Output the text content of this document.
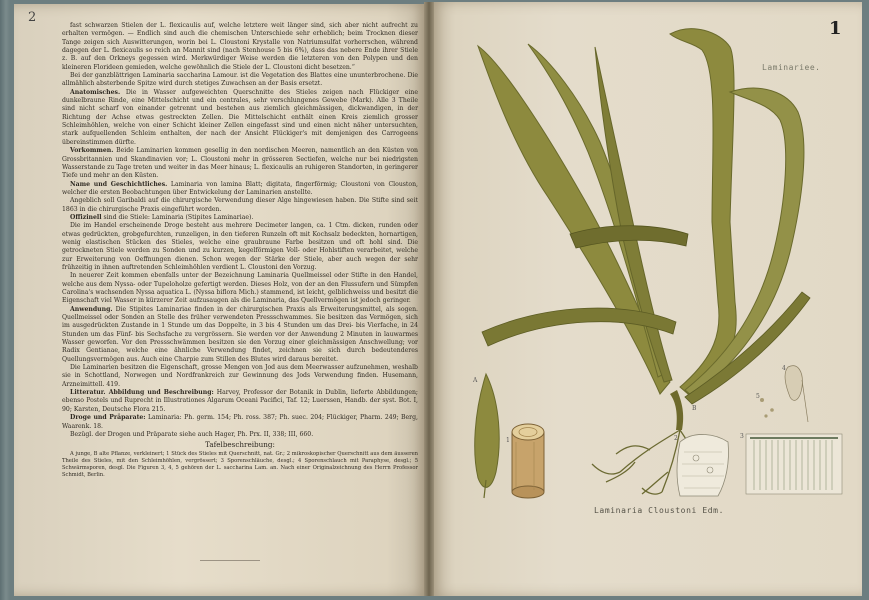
2
1

fast schwarzen Stielen der L. flexicaulis auf, welche letztere weit länger sind, sich aber nicht aufrecht zu erhalten vermögen. — Endlich sind auch die chemischen Unterschiede sehr erheblich; beim Trocknen dieser Tange zeigen sich Auswitterungen, worin bei L. Cloustoni Krystalle von Natriumsulfat vorherrschen, während dagegen der L. flexicaulis so reich an Mannit sind (nach Stenhouse 5 bis 6%), dass das nebere Ende ihrer Stiele z. B. auf den Orkneys gegessen wird. Merkwürdiger Weise werden die letzteren von den Polypen und den kleineren Florideen gemieden, welche gewöhnlich die Stiele der L. Cloustoni dicht besetzen.“

Bei der ganzblättrigen Laminaria saccharina Lamour. ist die Vegetation des Blattes eine ununterbrochene. Die allmählich absterbende Spitze wird durch stetiges Zuwachsen an der Basis ersetzt.

Anatomisches. Die in Wasser aufgeweichten Querschnitte des Stieles zeigen nach Flückiger eine dunkelbraune Rinde, eine Mittelschicht und ein centrales, sehr verschlungenes Gewebe (Mark). Alle 3 Theile sind nicht scharf von einander getrennt und bestehen aus ziemlich gleichmässigen, dickwandigen, in der Richtung der Achse etwas gestreckten Zellen. Die Mittelschicht enthält einen Kreis ziemlich grosser Schleimhöhlen, welche von einer Schicht kleiner Zellen eingefasst sind und einen nicht näher untersuchten, stark aufquellenden Schleim enthalten, der nach der Ansicht Flückiger's mit demjenigen des Carrogeens übereinstimmen dürfte.

Vorkommen. Beide Laminarien kommen gesellig in den nordischen Meeren, namentlich an den Küsten von Grossbritannien und Skandinavien vor; L. Cloustoni mehr in grösseren Sectiefen, welche nur bei niedrigsten Wasserstande zu Tage treten und weiter in das Meer hinaus; L. flexicaulis an ruhigeren Standorten, in geringerer Tiefe und mehr an den Küsten.

Name und Geschichtliches. Laminaria von lamina Blatt; digitata, fingerförmig; Cloustoni von Clouston, welcher die ersten Beobachtungen über Entwickelung der Laminarien anstellte.

Angeblich soll Garibaldi auf die chirurgische Verwendung dieser Alge hingewiesen haben. Die Stifte sind seit 1863 in die chirurgische Praxis eingeführt worden.

Offizinell sind die Stiele: Laminaria (Stipites Laminariae).

Die im Handel erscheinende Droge besteht aus mehrere Decimeter langen, ca. 1 Ctm. dicken, runden oder etwas gedrückten, grobgefurchten, runzeligen, in den tieferen Runzeln oft mit Kochsalz bedeckten, hornartigen, wenig elastischen Stücken des Stieles, welche eine graubraune Farbe besitzen und oft hohl sind. Die getrockneten Stiele werden zu Sonden und zu kurzen, kegelförmigen Voll- oder Hohlstiften verarbeitet, welche zur Erweiterung von Oeffnungen dienen. Schon wegen der Stärke der Stiele, aber auch wegen der sehr frühzeitig in ihnen auftretenden Schleimhöhlen verdient L. Cloustoni den Vorzug.

In neuerer Zeit kommen ebenfalls unter der Bezeichnung Laminaria Quellmeissel oder Stifte in den Handel, welche aus dem Nyssa- oder Tupeloholze gefertigt werden. Dieses Holz, von der an den Flussufern und Sümpfen Carolina's wachsenden Nyssa aquatica L. (Nyssa biflora Mich.) stammend, ist leicht, gelblichweiss und besitzt die Eigenschaft viel Wasser in kürzerer Zeit aufzusaugen als die Laminaria, das Quellvermögen ist jedoch geringer.

Anwendung. Die Stipites Laminariae finden in der chirurgischen Praxis als Erweiterungsmittel, als sogen. Quellmeissel oder Sonden an Stelle des früher verwendeten Pressschwammes. Sie besitzen das Vermögen, sich im ausgedrückten Zustande in 1 Stunde um das Doppelte, in 3 bis 4 Stunden um das Drei- bis Vierfache, in 24 Stunden um das Fünf- bis Sechsfache zu vergrössern. Sie werden vor der Anwendung 2 Minuten in lauwarmes Wasser geworfen. Vor den Pressschwämmen besitzen sie den Vorzug einer gleichmässigen Anschwellung; vor Radix Gentianae, welche eine ähnliche Verwendung findet, zeichnen sie sich durch bedeutenderes Quellungsvermögen aus. Auch eine Charpie zum Stillen des Blutes wird daraus bereitet.

Die Laminarien besitzen die Eigenschaft, grosse Mengen von Jod aus dem Meerwasser aufzunehmen, weshalb sie in Schottland, Norwegen und Nordfrankreich zur Gewinnung des Jods Verwendung finden. Husemann, Arzneimittell. 419.

Litteratur. Abbildung und Beschreibung: Harvey, Professor der Botanik in Dublin, lieferte Abbildungen; ebenso Postels und Ruprecht in Illustrationes Algarum Oceani Pacifici, Taf. 12; Luerssen, Handb. der syst. Bot. I, 90; Karsten, Deutsche Flora 215.

Droge und Präparate: Laminaria: Ph. germ. 154; Ph. ross. 387; Ph. suec. 204; Flückiger, Pharm. 249; Berg, Waarenk. 18.

Bezügl. der Drogen und Präparate siehe auch Hager, Ph. Prx. II, 338; III, 660.

Tafelbeschreibung:

A junge, B alte Pflanze, verkleinert; 1 Stück des Stieles mit Querschnitt, nat. Gr.; 2 mikroskopischer Querschnitt aus dem äusseren Theile des Stieles, mit den Schleimhöhlen, vergrössert; 3 Sporenschläuche, desgl.; 4 Sporenschlauch mit Paraphyse, desgl.; 5 Schwärmsporen, desgl. Die Figuren 3, 4, 5 gehören der L. saccharina Lam. an. Nach einer Originalzeichnung des Herrn Professor Schmidt, Berlin.

A
B
1	2	3
4
5
Laminariee.
Laminaria Cloustoni Edm.
